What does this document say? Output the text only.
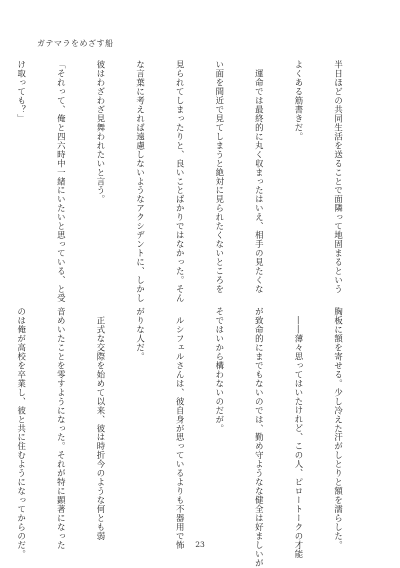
ガテマラをめざす船

半日ほどの共同生活を送ることで面隣って地固まるという

よくある筋書きだ。

　運命では最終的に丸く収まったはいえ、相手の見たくな

い面を間近で見てしまうと絶対に見られたくないところを

見られてしまったりと、良いことばかりではなかった。そん

な言葉に考えれば遠慮しないようなアクシデントに、しかし

彼はわざわざ見舞われたいと言う。

「それって、俺と四六時中一緒にいたいと思っている、と受

け取っても？」

胸板に額を寄せる。少し冷えた汗がしとりと額を濡らした。

　――薄々思ってはいたけれど、この人、ピロートークの才能

が致命的にまでもないのでは、勤め守ようなな健全は好ましいが

そではいから構わないのだが。

　ルシフェルさんは、彼自身が思っているよりも不器用で怖

がりな人だ。

　正式な交際を始めて以来、彼は時折今のような何とも弱

音めいたことを零すようになった。それが特に顕著になった

のは俺が高校を卒業し、彼と共に住むようになってからのだ。

	23
